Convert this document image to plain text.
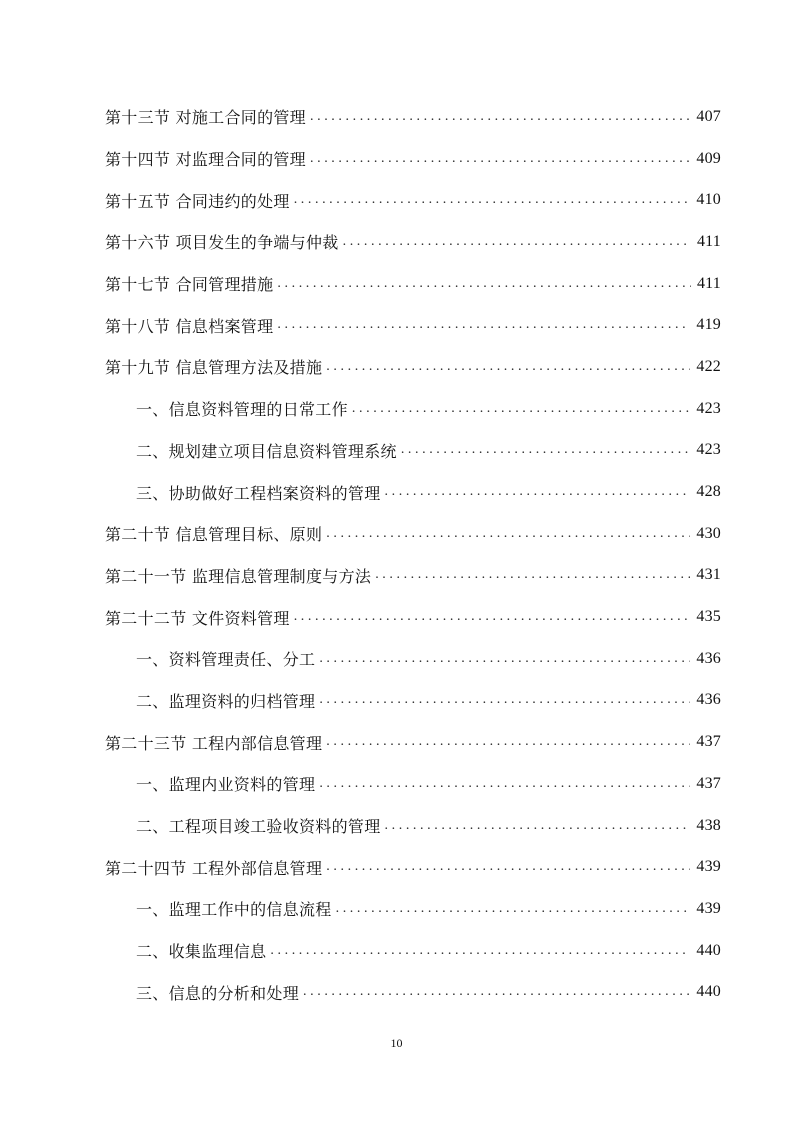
第十三节 对施工合同的管理 .....	407
第十四节 对监理合同的管理 .....	409
第十五节 合同违约的处理 .....	410
第十六节 项目发生的争端与仲裁 .....	411
第十七节 合同管理措施 .....	411
第十八节 信息档案管理 .....	419
第十九节 信息管理方法及措施 .....	422
一、信息资料管理的日常工作 .....	423
二、规划建立项目信息资料管理系统 .....	423
三、协助做好工程档案资料的管理 .....	428
第二十节 信息管理目标、原则 .....	430
第二十一节 监理信息管理制度与方法 .....	431
第二十二节 文件资料管理 .....	435
一、资料管理责任、分工 .....	436
二、监理资料的归档管理 .....	436
第二十三节 工程内部信息管理 .....	437
一、监理内业资料的管理 .....	437
二、工程项目竣工验收资料的管理 .....	438
第二十四节 工程外部信息管理 .....	439
一、监理工作中的信息流程 .....	439
二、收集监理信息 .....	440
三、信息的分析和处理 .....	440
10
